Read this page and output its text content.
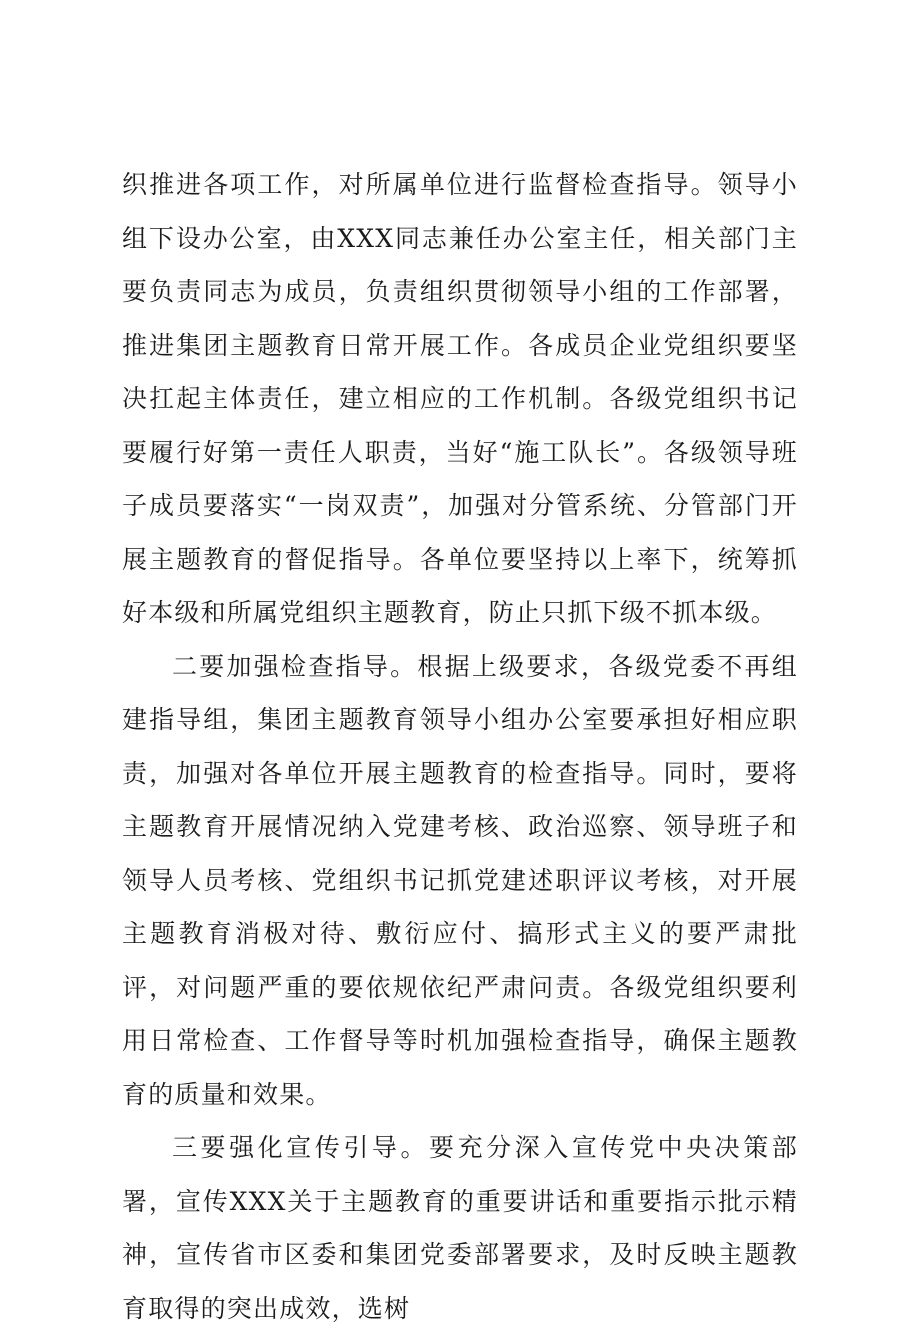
织推进各项工作，对所属单位进行监督检查指导。领导小组下设办公室，由XXX同志兼任办公室主任，相关部门主要负责同志为成员，负责组织贯彻领导小组的工作部署，推进集团主题教育日常开展工作。各成员企业党组织要坚决扛起主体责任，建立相应的工作机制。各级党组织书记要履行好第一责任人职责，当好“施工队长”。各级领导班子成员要落实“一岗双责”，加强对分管系统、分管部门开展主题教育的督促指导。各单位要坚持以上率下，统筹抓好本级和所属党组织主题教育，防止只抓下级不抓本级。

二要加强检查指导。根据上级要求，各级党委不再组建指导组，集团主题教育领导小组办公室要承担好相应职责，加强对各单位开展主题教育的检查指导。同时，要将主题教育开展情况纳入党建考核、政治巡察、领导班子和领导人员考核、党组织书记抓党建述职评议考核，对开展主题教育消极对待、敷衍应付、搞形式主义的要严肃批评，对问题严重的要依规依纪严肃问责。各级党组织要利用日常检查、工作督导等时机加强检查指导，确保主题教育的质量和效果。

三要强化宣传引导。要充分深入宣传党中央决策部署，宣传XXX关于主题教育的重要讲话和重要指示批示精神，宣传省市区委和集团党委部署要求，及时反映主题教育取得的突出成效，选树
